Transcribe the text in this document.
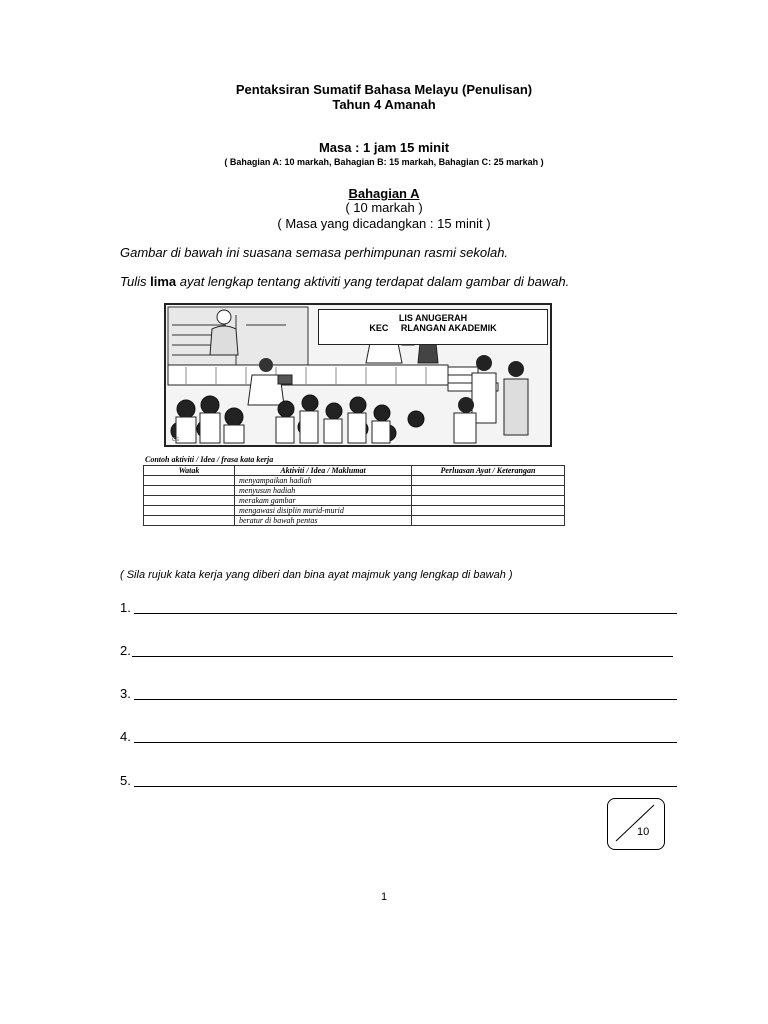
Pentaksiran Sumatif Bahasa Melayu (Penulisan)
Tahun 4 Amanah
Masa : 1 jam 15 minit
( Bahagian A: 10 markah, Bahagian B: 15 markah, Bahagian C: 25 markah )
Bahagian A
( 10 markah )
( Masa yang dicadangkan : 15 minit )
Gambar di bawah ini suasana semasa perhimpunan rasmi sekolah.
Tulis lima ayat lengkap tentang aktiviti yang terdapat dalam gambar di bawah.
cs
LIS ANUGERAH
KEC     RLANGAN AKADEMIK
Contoh aktiviti / Idea / frasa kata kerja
Watak	Aktiviti / Idea / Maklumat	Perluasan Ayat / Keterangan
	menyampaikan hadiah	
	menyusun hadiah	
	merakam gambar	
	mengawasi disiplin murid-murid	
	beratur di bawah pentas	
( Sila rujuk kata kerja yang diberi dan bina ayat majmuk yang lengkap di bawah )
1.
2.
3.
4.
5.
10
1
